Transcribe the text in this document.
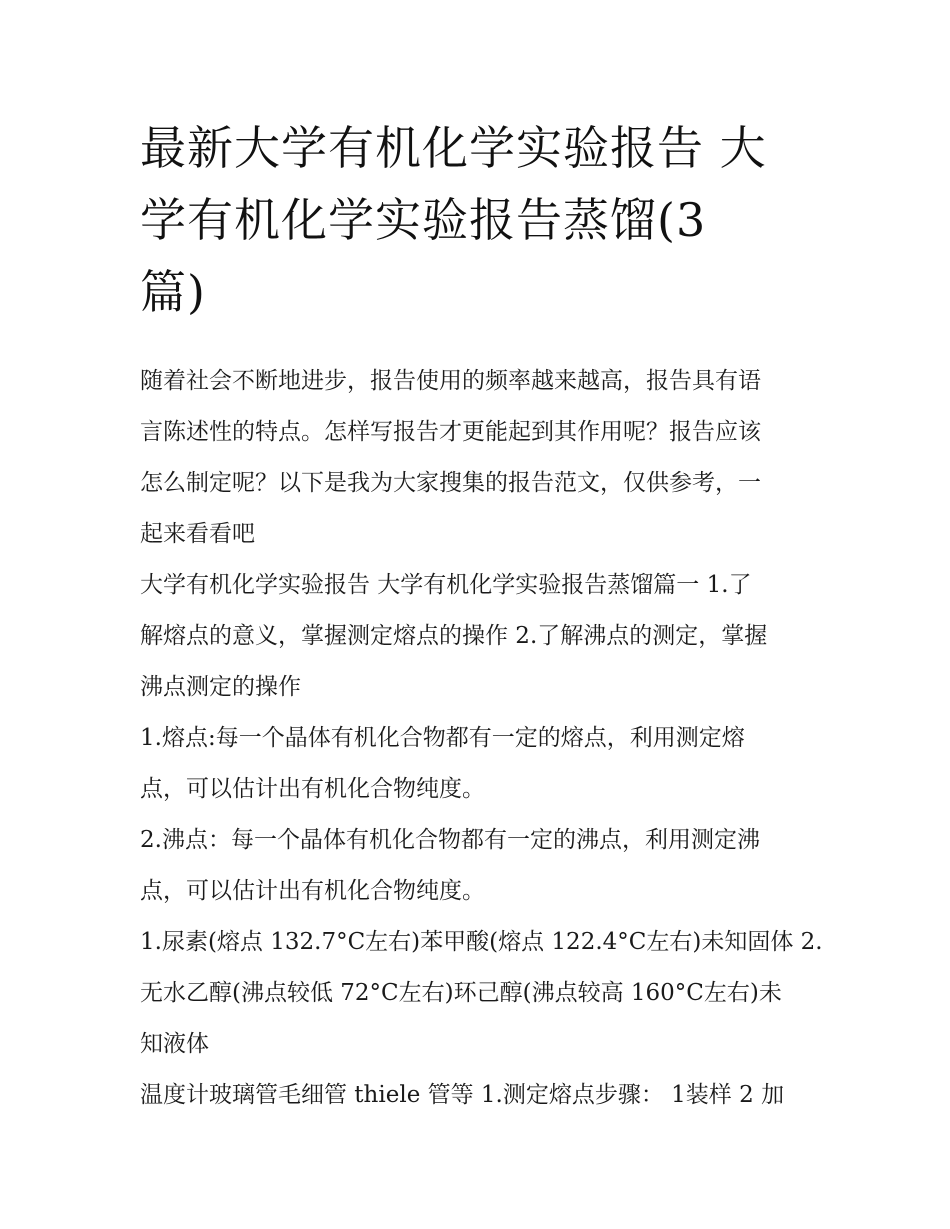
最新大学有机化学实验报告 大
学有机化学实验报告蒸馏(3
篇)
随着社会不断地进步，报告使用的频率越来越高，报告具有语
言陈述性的特点。怎样写报告才更能起到其作用呢？报告应该
怎么制定呢？以下是我为大家搜集的报告范文，仅供参考，一
起来看看吧
大学有机化学实验报告 大学有机化学实验报告蒸馏篇一 1.了
解熔点的意义，掌握测定熔点的操作 2.了解沸点的测定，掌握
沸点测定的操作
1.熔点:每一个晶体有机化合物都有一定的熔点，利用测定熔
点，可以估计出有机化合物纯度。
2.沸点：每一个晶体有机化合物都有一定的沸点，利用测定沸
点，可以估计出有机化合物纯度。
1.尿素(熔点 132.7°C左右)苯甲酸(熔点 122.4°C左右)未知固体 2.
无水乙醇(沸点较低 72°C左右)环己醇(沸点较高 160°C左右)未
知液体
温度计玻璃管毛细管 thiele 管等 1.测定熔点步骤： 1装样 2 加
